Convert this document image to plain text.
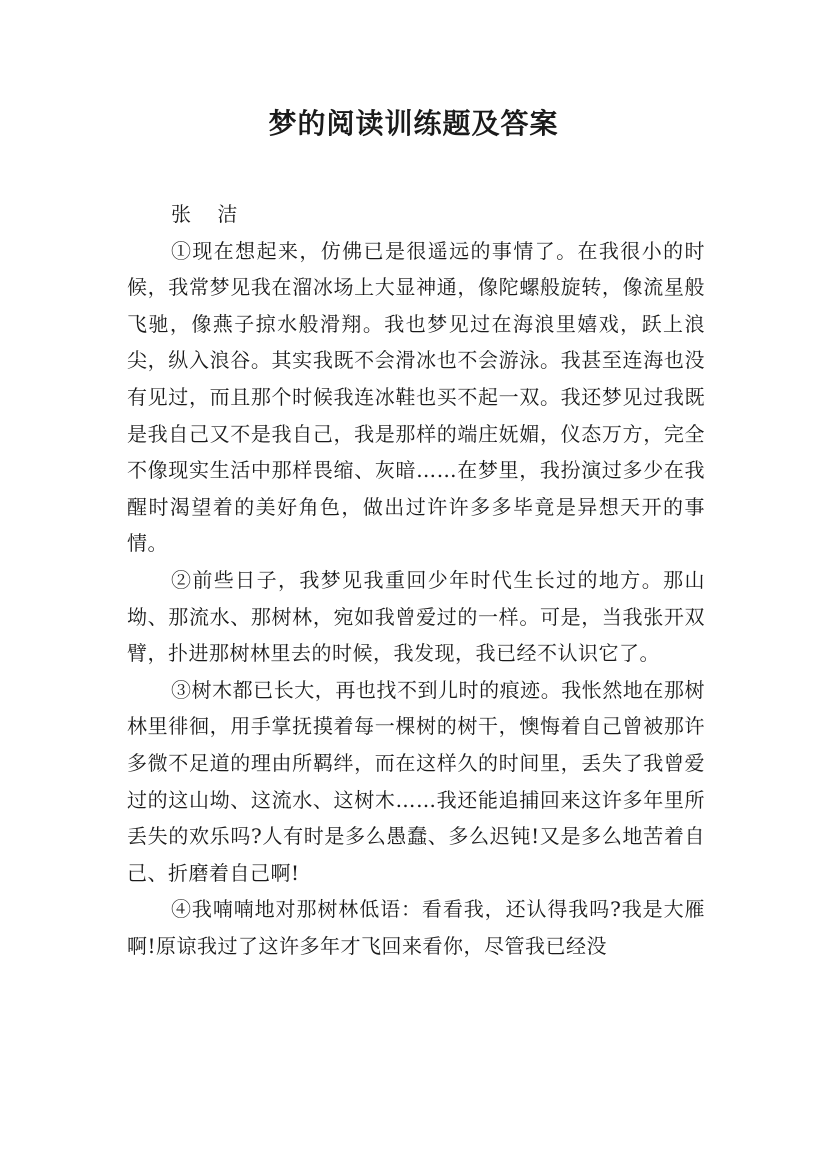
梦的阅读训练题及答案

张 洁

①现在想起来，仿佛已是很遥远的事情了。在我很小的时候，我常梦见我在溜冰场上大显神通，像陀螺般旋转，像流星般飞驰，像燕子掠水般滑翔。我也梦见过在海浪里嬉戏，跃上浪尖，纵入浪谷。其实我既不会滑冰也不会游泳。我甚至连海也没有见过，而且那个时候我连冰鞋也买不起一双。我还梦见过我既是我自己又不是我自己，我是那样的端庄妩媚，仪态万方，完全不像现实生活中那样畏缩、灰暗……在梦里，我扮演过多少在我醒时渴望着的美好角色，做出过许许多多毕竟是异想天开的事情。

②前些日子，我梦见我重回少年时代生长过的地方。那山坳、那流水、那树林，宛如我曾爱过的一样。可是，当我张开双臂，扑进那树林里去的时候，我发现，我已经不认识它了。

③树木都已长大，再也找不到儿时的痕迹。我怅然地在那树林里徘徊，用手掌抚摸着每一棵树的树干，懊悔着自己曾被那许多微不足道的理由所羁绊，而在这样久的时间里，丢失了我曾爱过的这山坳、这流水、这树木……我还能追捕回来这许多年里所丢失的欢乐吗?人有时是多么愚蠢、多么迟钝!又是多么地苦着自己、折磨着自己啊!

④我喃喃地对那树林低语：看看我，还认得我吗?我是大雁啊!原谅我过了这许多年才飞回来看你，尽管我已经没
